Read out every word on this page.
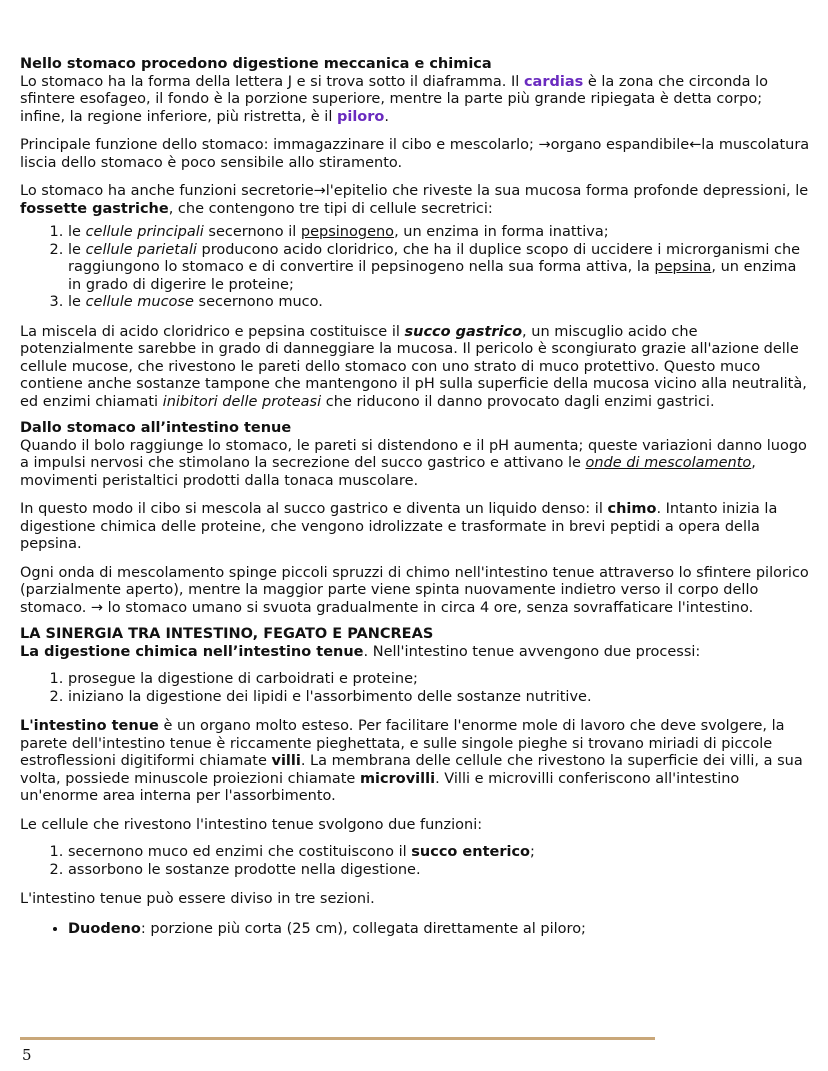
Nello stomaco procedono digestione meccanica e chimica

Lo stomaco ha la forma della lettera J e si trova sotto il diaframma. Il cardias è la zona che circonda lo sfintere esofageo, il fondo è la porzione superiore, mentre la parte più grande ripiegata è detta corpo; infine, la regione inferiore, più ristretta, è il piloro.

Principale funzione dello stomaco: immagazzinare il cibo e mescolarlo; →organo espandibile←la muscolatura liscia dello stomaco è poco sensibile allo stiramento.

Lo stomaco ha anche funzioni secretorie→l'epitelio che riveste la sua mucosa forma profonde depressioni, le fossette gastriche, che contengono tre tipi di cellule secretrici:

1. le cellule principali secernono il pepsinogeno, un enzima in forma inattiva;
2. le cellule parietali producono acido cloridrico, che ha il duplice scopo di uccidere i microrganismi che raggiungono lo stomaco e di convertire il pepsinogeno nella sua forma attiva, la pepsina, un enzima in grado di digerire le proteine;
3. le cellule mucose secernono muco.

La miscela di acido cloridrico e pepsina costituisce il succo gastrico, un miscuglio acido che potenzialmente sarebbe in grado di danneggiare la mucosa. Il pericolo è scongiurato grazie all'azione delle cellule mucose, che rivestono le pareti dello stomaco con uno strato di muco protettivo. Questo muco contiene anche sostanze tampone che mantengono il pH sulla superficie della mucosa vicino alla neutralità, ed enzimi chiamati inibitori delle proteasi che riducono il danno provocato dagli enzimi gastrici.

Dallo stomaco all’intestino tenue

Quando il bolo raggiunge lo stomaco, le pareti si distendono e il pH aumenta; queste variazioni danno luogo a impulsi nervosi che stimolano la secrezione del succo gastrico e attivano le onde di mescolamento, movimenti peristaltici prodotti dalla tonaca muscolare.

In questo modo il cibo si mescola al succo gastrico e diventa un liquido denso: il chimo. Intanto inizia la digestione chimica delle proteine, che vengono idrolizzate e trasformate in brevi peptidi a opera della pepsina.

Ogni onda di mescolamento spinge piccoli spruzzi di chimo nell'intestino tenue attraverso lo sfintere pilorico (parzialmente aperto), mentre la maggior parte viene spinta nuovamente indietro verso il corpo dello stomaco. → lo stomaco umano si svuota gradualmente in circa 4 ore, senza sovraffaticare l'intestino.

LA SINERGIA TRA INTESTINO, FEGATO E PANCREAS

La digestione chimica nell’intestino tenue. Nell'intestino tenue avvengono due processi:

1. prosegue la digestione di carboidrati e proteine;
2. iniziano la digestione dei lipidi e l'assorbimento delle sostanze nutritive.

L'intestino tenue è un organo molto esteso. Per facilitare l'enorme mole di lavoro che deve svolgere, la parete dell'intestino tenue è riccamente pieghettata, e sulle singole pieghe si trovano miriadi di piccole estroflessioni digitiformi chiamate villi. La membrana delle cellule che rivestono la superficie dei villi, a sua volta, possiede minuscole proiezioni chiamate microvilli. Villi e microvilli conferiscono all'intestino un'enorme area interna per l'assorbimento.

Le cellule che rivestono l'intestino tenue svolgono due funzioni:

1. secernono muco ed enzimi che costituiscono il succo enterico;
2. assorbono le sostanze prodotte nella digestione.

L'intestino tenue può essere diviso in tre sezioni.

• Duodeno: porzione più corta (25 cm), collegata direttamente al piloro;
5
